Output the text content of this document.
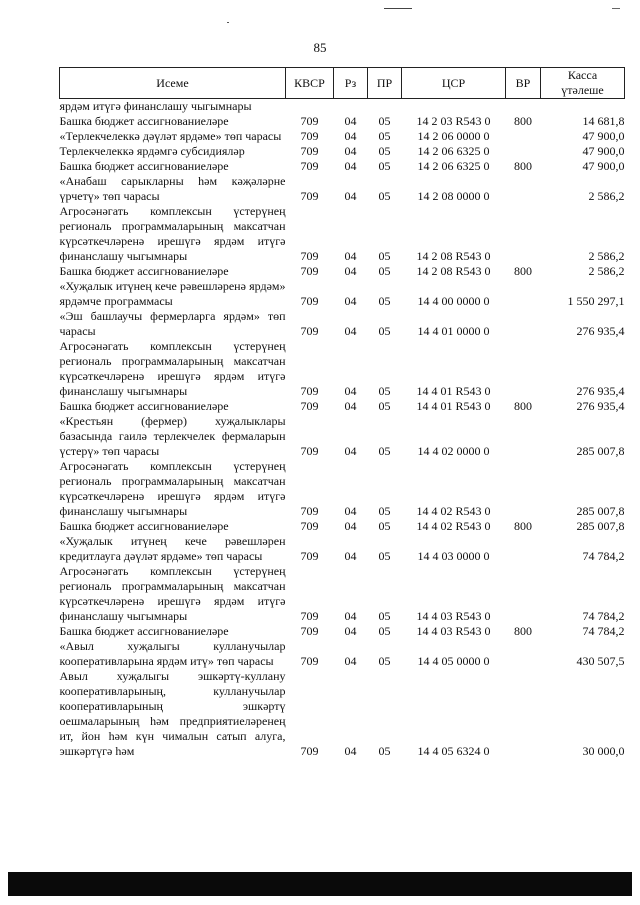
85
Исеме	КВСР	Рз	ПР	ЦСР	ВР	Касса
үтәлеше

ярдәм итүгә финанслашу чыгымнары						
Башка бюджет ассигнованиеләре	709	04	05	14 2 03 R543 0	800	14 681,8
«Терлекчелеккә дәүләт ярдәме» төп чарасы	709	04	05	14 2 06 0000 0		47 900,0
Терлекчелеккә ярдәмгә субсидияләр	709	04	05	14 2 06 6325 0		47 900,0
Башка бюджет ассигнованиеләре	709	04	05	14 2 06 6325 0	800	47 900,0
«Анабаш сарыкларны һәм кәҗәләрне үрчетү» төп чарасы	709	04	05	14 2 08 0000 0		2 586,2
Агросәнәгать комплексын үстерүнең региональ программаларының максатчан күрсәткечләренә ирешүгә ярдәм итүгә финанслашу чыгымнары	709	04	05	14 2 08 R543 0		2 586,2
Башка бюджет ассигнованиеләре	709	04	05	14 2 08 R543 0	800	2 586,2
«Хуҗалык итүнең кече рәвешләренә ярдәм» ярдәмче программасы	709	04	05	14 4 00 0000 0		1 550 297,1
«Эш башлаучы фермерларга ярдәм» төп чарасы	709	04	05	14 4 01 0000 0		276 935,4
Агросәнәгать комплексын үстерүнең региональ программаларының максатчан күрсәткечләренә ирешүгә ярдәм итүгә финанслашу чыгымнары	709	04	05	14 4 01 R543 0		276 935,4
Башка бюджет ассигнованиеләре	709	04	05	14 4 01 R543 0	800	276 935,4
«Крестьян (фермер) хуҗалыклары базасында гаилә терлекчелек фермаларын үстерү» төп чарасы	709	04	05	14 4 02 0000 0		285 007,8
Агросәнәгать комплексын үстерүнең региональ программаларының максатчан күрсәткечләренә ирешүгә ярдәм итүгә финанслашу чыгымнары	709	04	05	14 4 02 R543 0		285 007,8
Башка бюджет ассигнованиеләре	709	04	05	14 4 02 R543 0	800	285 007,8
«Хуҗалык итүнең кече рәвешләрен кредитлауга дәүләт ярдәме» төп чарасы	709	04	05	14 4 03 0000 0		74 784,2
Агросәнәгать комплексын үстерүнең региональ программаларының максатчан күрсәткечләренә ирешүгә ярдәм итүгә финанслашу чыгымнары	709	04	05	14 4 03 R543 0		74 784,2
Башка бюджет ассигнованиеләре	709	04	05	14 4 03 R543 0	800	74 784,2
«Авыл хуҗалыгы кулланучылар кооперативларына ярдәм итү» төп чарасы	709	04	05	14 4 05 0000 0		430 507,5
Авыл хуҗалыгы эшкәртү-куллану кооперативларының, кулланучылар кооперативларының эшкәртү оешмаларының һәм предприятиеләренең ит, йон һәм күн чималын сатып алуга, эшкәртүгә һәм	709	04	05	14 4 05 6324 0		30 000,0
